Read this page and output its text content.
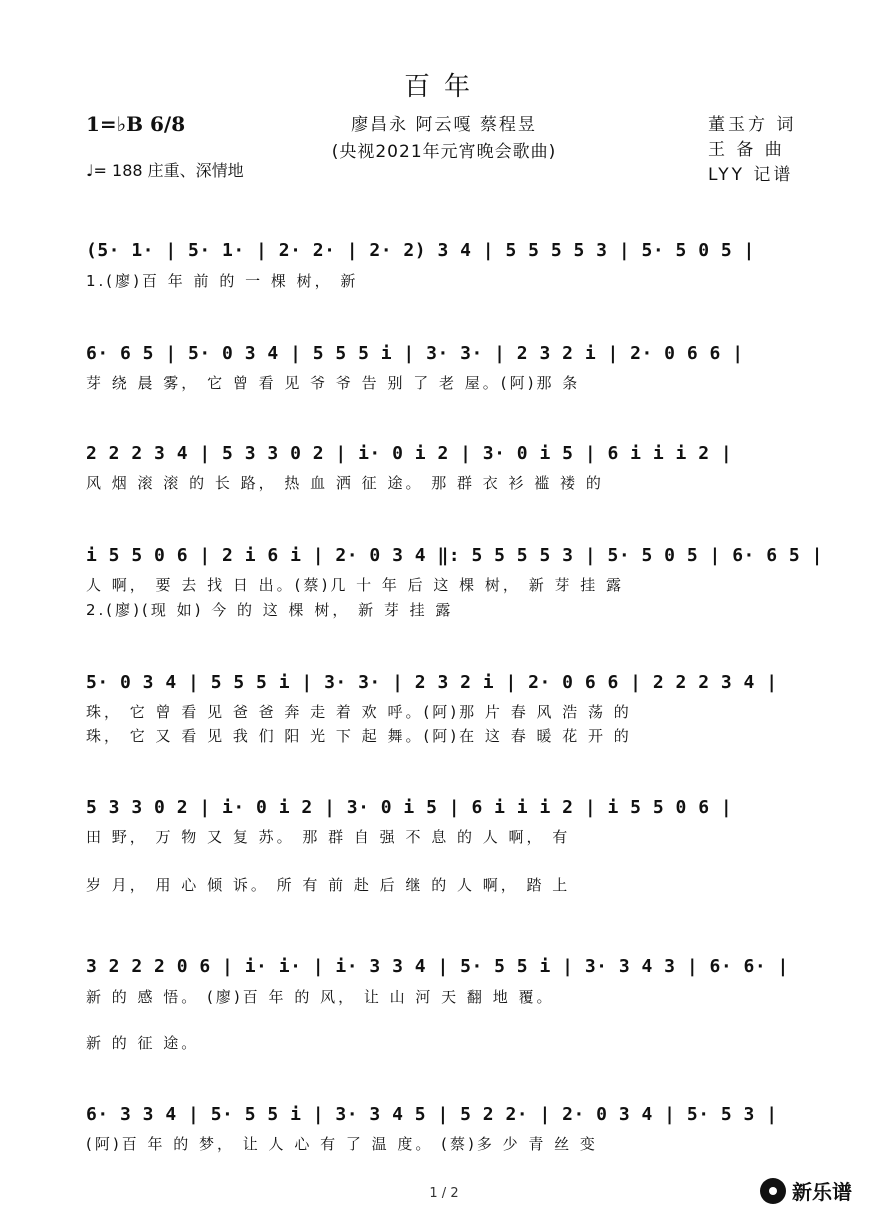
百年
1=♭B 6/8	廖昌永 阿云嘎 蔡程昱
(央视2021年元宵晚会歌曲)
董玉方 词
王 备 曲
LYY 记谱
♩= 188 庄重、深情地
(5· 1· | 5· 1· | 2· 2· | 2· 2) 3 4 | 5 5 5 5 3 | 5· 5 0 5 |
1.(廖)百 年 前 的 一 棵 树， 新
6· 6 5 | 5· 0 3 4 | 5 5 5 i | 3· 3· | 2 3 2 i | 2· 0 6 6 |
芽 绕 晨 雾， 它 曾 看 见 爷 爷 告 别 了 老 屋。(阿)那 条
2 2 2 3 4 | 5 3 3 0 2 | i· 0 i 2 | 3· 0 i 5 | 6 i i i 2 |
风 烟 滚 滚 的 长 路， 热 血 洒 征 途。 那 群 衣 衫 褴 褛 的
i 5 5 0 6 | 2 i 6 i | 2· 0 3 4 ‖: 5 5 5 5 3 | 5· 5 0 5 | 6· 6 5 |
人 啊， 要 去 找 日 出。(蔡)几 十 年 后 这 棵 树， 新 芽 挂 露
2.(廖)(现 如) 今 的 这 棵 树， 新 芽 挂 露
5· 0 3 4 | 5 5 5 i | 3· 3· | 2 3 2 i | 2· 0 6 6 | 2 2 2 3 4 |
珠， 它 曾 看 见 爸 爸 奔 走 着 欢 呼。(阿)那 片 春 风 浩 荡 的
珠， 它 又 看 见 我 们 阳 光 下 起 舞。(阿)在 这 春 暖 花 开 的
5 3 3 0 2 | i· 0 i 2 | 3· 0 i 5 | 6 i i i 2 | i 5 5 0 6 |
田 野， 万 物 又 复 苏。 那 群 自 强 不 息 的 人 啊， 有
岁 月， 用 心 倾 诉。 所 有 前 赴 后 继 的 人 啊， 踏 上
3 2 2 2 0 6 | i· i· | i· 3 3 4 | 5· 5 5 i | 3· 3 4 3 | 6· 6· |
新 的 感 悟。 (廖)百 年 的 风， 让 山 河 天 翻 地 覆。
新 的 征 途。
6· 3 3 4 | 5· 5 5 i | 3· 3 4 5 | 5 2 2· | 2· 0 3 4 | 5· 5 3 |
(阿)百 年 的 梦， 让 人 心 有 了 温 度。 (蔡)多 少 青 丝 变
1 / 2	新乐谱
